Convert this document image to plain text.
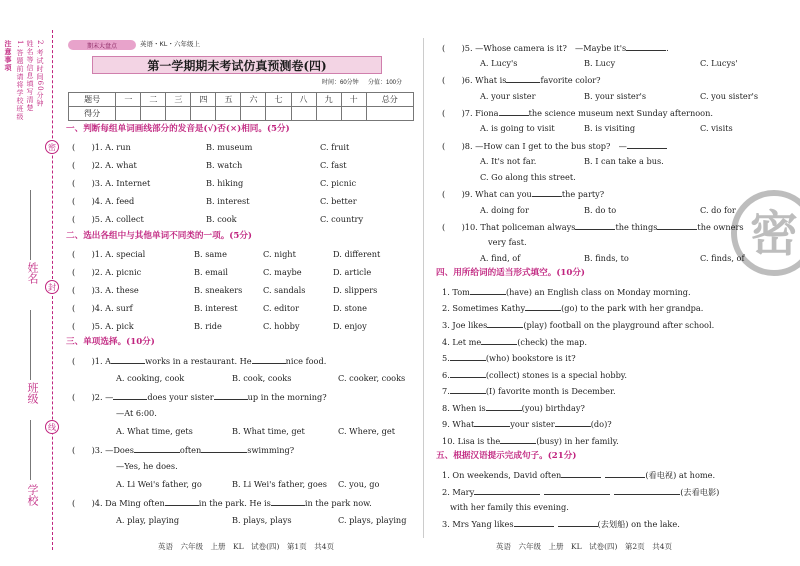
注意事项 1.答题前请将学校班级 姓名等信息填写清楚 2.考试时间60分钟
密
封
线
姓名
班级
学校
期末大盘点	英语・KL・六年级上
第一学期期末考试仿真预测卷(四)
时间：60分钟 分值：100分
题号	一	二	三	四	五	六	七	八	九	十	总分
得分											
一、判断每组单词画线部分的发音是(√)否(×)相同。(5分)
(　　)1. A. run	B. museum	C. fruit
(　　)2. A. what	B. watch	C. fast
(　　)3. A. Internet	B. hiking	C. picnic
(　　)4. A. feed	B. interest	C. better
(　　)5. A. collect	B. cook	C. country
二、选出各组中与其他单词不同类的一项。(5分)
(　　)1. A. special	B. same	C. night	D. different
(　　)2. A. picnic	B. email	C. maybe	D. article
(　　)3. A. these	B. sneakers	C. sandals	D. slippers
(　　)4. A. surf	B. interest	C. editor	D. stone
(　　)5. A. pick	B. ride	C. hobby	D. enjoy
三、单项选择。(10分)
(　　)1. A	works in a restaurant. He	nice food.
A. cooking, cook	B. cook, cooks	C. cooker, cooks
(　　)2. —	does your sister	up in the morning?
—At 6:00.
A. What time, gets	B. What time, get	C. Where, get
(　　)3. —Does	often	swimming?
—Yes, he does.
A. Li Wei's father, go	B. Li Wei's father, goes C. you, go
(　　)4. Da Ming often	in the park. He is	in the park now.
A. play, playing	B. plays, plays	C. plays, playing
英语　六年级　上册　KL　试卷(四)　第1页　共4页
密
(　　)5. —Whose camera is it?　—Maybe it's	.
A. Lucy's	B. Lucy	C. Lucys'
(　　)6. What is	favorite color?
A. your sister	B. your sister's	C. you sister's
(　　)7. Fiona	the science museum next Sunday afternoon.
A. is going to visit	B. is visiting	C. visits
(　　)8. —How can I get to the bus stop?　—
A. It's not far.	B. I can take a bus.
C. Go along this street.
(　　)9. What can you	the party?
A. doing for	B. do to	C. do for
(　　)10. That policeman always	the things	the owners
very fast.
A. find, of	B. finds, to	C. finds, of
四、用所给词的适当形式填空。(10分)
1. Tom	(have) an English class on Monday morning.
2. Sometimes Kathy	(go) to the park with her grandpa.
3. Joe likes	(play) football on the playground after school.
4. Let me	(check) the map.
5.	(who) bookstore is it?
6.	(collect) stones is a special hobby.
7.	(I) favorite month is December.
8. When is	(you) birthday?
9. What	your sister	(do)?
10. Lisa is the	(busy) in her family.
五、根据汉语提示完成句子。(21分)
1. On weekends, David often	(看电视) at home.
2. Mary	(去看电影)
with her family this evening.
3. Mrs Yang likes	(去划船) on the lake.
英语　六年级　上册　KL　试卷(四)　第2页　共4页
